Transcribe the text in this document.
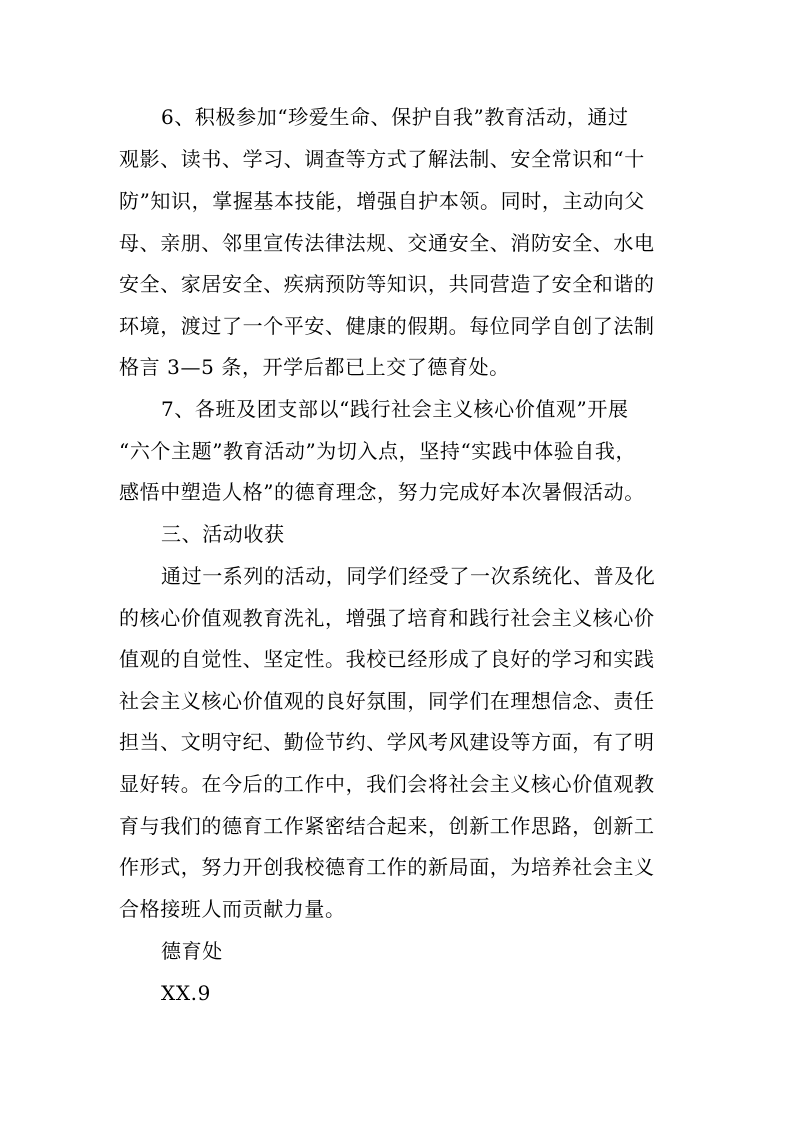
6、积极参加“珍爱生命、保护自我”教育活动，通过
观影、读书、学习、调查等方式了解法制、安全常识和“十
防”知识，掌握基本技能，增强自护本领。同时，主动向父
母、亲朋、邻里宣传法律法规、交通安全、消防安全、水电
安全、家居安全、疾病预防等知识，共同营造了安全和谐的
环境，渡过了一个平安、健康的假期。每位同学自创了法制
格言 3—5 条，开学后都已上交了德育处。
7、各班及团支部以“践行社会主义核心价值观”开展
“六个主题”教育活动”为切入点，坚持“实践中体验自我，
感悟中塑造人格”的德育理念，努力完成好本次暑假活动。
三、活动收获
通过一系列的活动，同学们经受了一次系统化、普及化
的核心价值观教育洗礼，增强了培育和践行社会主义核心价
值观的自觉性、坚定性。我校已经形成了良好的学习和实践
社会主义核心价值观的良好氛围，同学们在理想信念、责任
担当、文明守纪、勤俭节约、学风考风建设等方面，有了明
显好转。在今后的工作中，我们会将社会主义核心价值观教
育与我们的德育工作紧密结合起来，创新工作思路，创新工
作形式，努力开创我校德育工作的新局面，为培养社会主义
合格接班人而贡献力量。
德育处
XX.9
